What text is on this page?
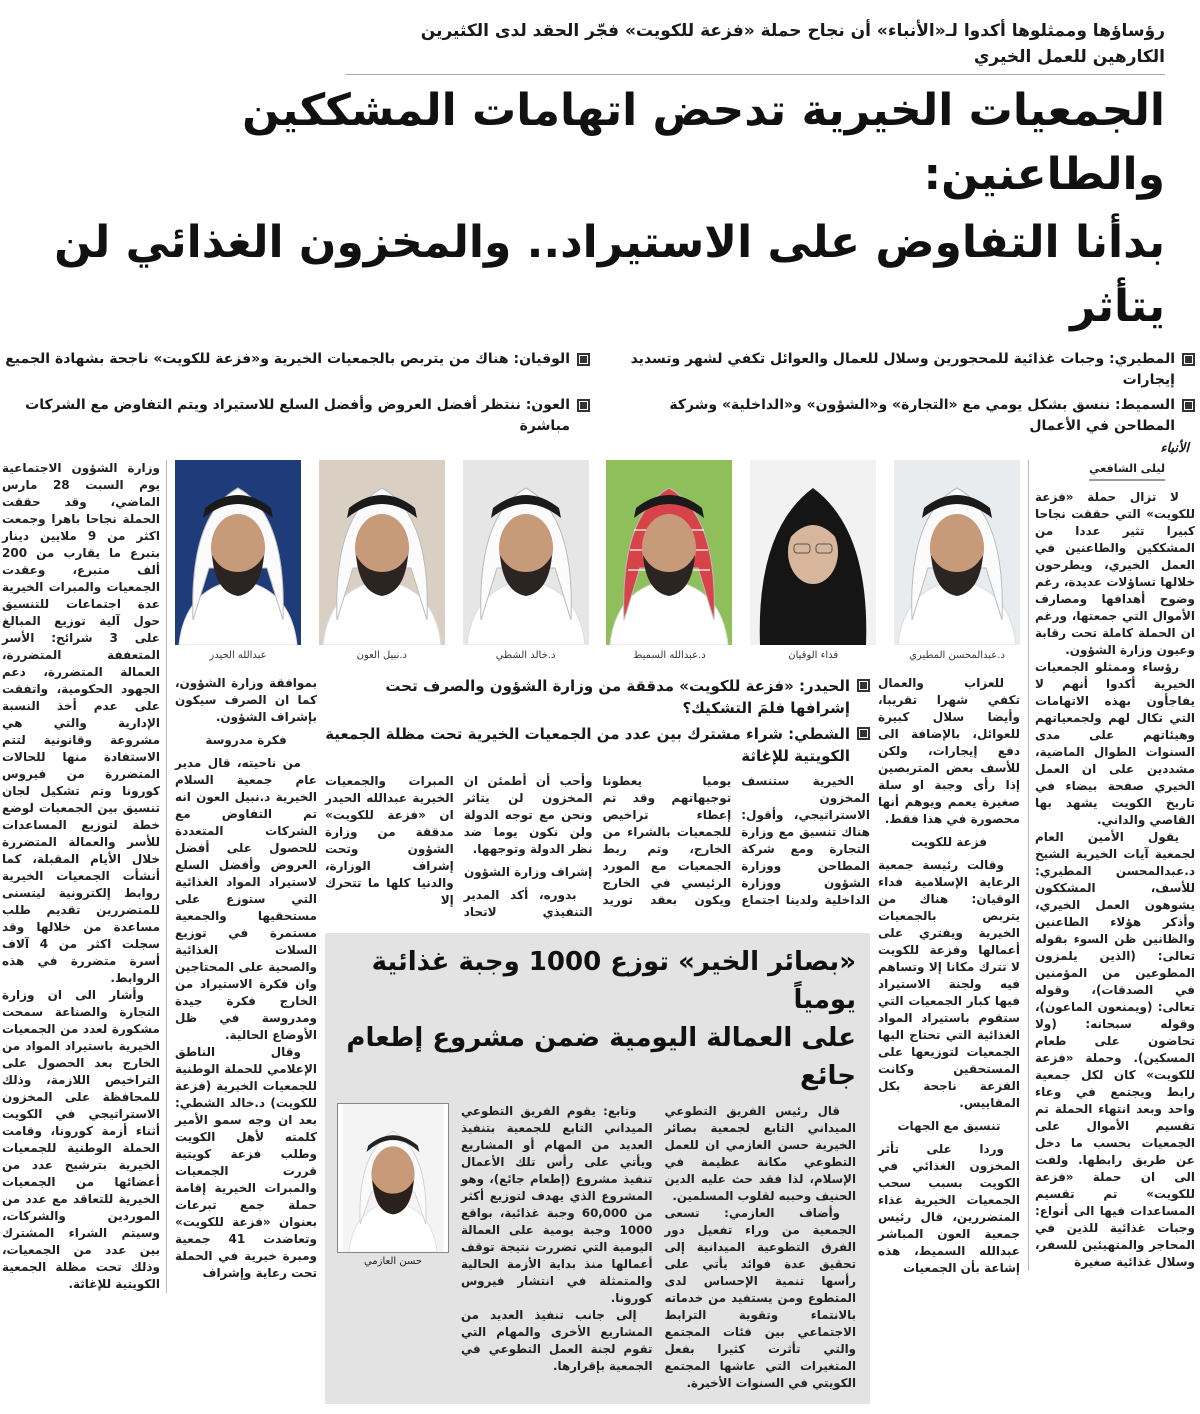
رؤساؤها وممثلوها أكدوا لـ«الأنباء» أن نجاح حملة «فزعة للكويت» فجّر الحقد لدى الكثيرين الكارهين للعمل الخيري
الجمعيات الخيرية تدحض اتهامات المشككين والطاعنين:
بدأنا التفاوض على الاستيراد.. والمخزون الغذائي لن يتأثر
المطيري: وجبات غذائية للمحجورين وسلال للعمال والعوائل تكفي لشهر وتسديد إيجارات
الوقيان: هناك من يتربص بالجمعيات الخيرية و«فزعة للكويت» ناجحة بشهادة الجميع
السميط: ننسق بشكل يومي مع «التجارة» و«الشؤون» و«الداخلية» وشركة المطاحن في الأعمال
العون: ننتظر أفضل العروض وأفضل السلع للاستيراد ويتم التفاوض مع الشركات مباشرة
الأنباء
ليلى الشافعي

لا تزال حملة «فزعة للكويت» التي حققت نجاحا كبيرا تثير عددا من المشككين والطاعنين في العمل الخيري، ويطرحون خلالها تساؤلات عديدة، رغم وضوح أهدافها ومصارف الأموال التي جمعتها، ورغم ان الحملة كاملة تحت رقابة وعيون وزارة الشؤون.

رؤساء وممثلو الجمعيات الخيرية أكدوا أنهم لا يفاجأون بهذه الاتهامات التي تكال لهم ولجمعياتهم وهيئاتهم على مدى السنوات الطوال الماضية، مشددين على ان العمل الخيري صفحة بيضاء في تاريخ الكويت يشهد بها القاصي والداني.

يقول الأمين العام لجمعية آيات الخيرية الشيخ د.عبدالمحسن المطيري: للأسف، المشككون يشوهون العمل الخيري، وأذكر هؤلاء الطاعنين والظانين ظن السوء بقوله تعالى: (الذين يلمزون المطوعين من المؤمنين في الصدقات)، وقوله تعالى: (ويمنعون الماعون)، وقوله سبحانه: (ولا تحاضون على طعام المسكين). وحملة «فزعة للكويت» كان لكل جمعية رابط ويجتمع في وعاء واحد وبعد انتهاء الحملة تم تقسيم الأموال على الجمعيات بحسب ما دخل عن طريق رابطها. ولفت الى ان حملة «فزعة للكويت» تم تقسيم المساعدات فيها الى أنواع: وجبات غذائية للذين في المحاجر والمتهيئين للسفر، وسلال غذائية صغيرة

د.عبدالمحسن المطيري
فداء الوقيان
د.عبدالله السميط
د.خالد الشطي
د.نبيل العون
عبدالله الحيدر

للعزاب والعمال تكفي شهرا تقريبا، وأيضا سلال كبيرة للعوائل، بالإضافة الى دفع إيجارات، ولكن للأسف بعض المتربصين إذا رأى وجبة او سلة صغيرة يعمم ويوهم أنها محصورة في هذا فقط.

فزعة للكويت

وقالت رئيسة جمعية الرعاية الإسلامية فداء الوقيان: هناك من يتربص بالجمعيات الخيرية ويفتري على أعمالها وفزعة للكويت لا تترك مكانا إلا وتساهم فيه ولجنة الاستيراد فيها كبار الجمعيات التي ستقوم باستيراد المواد الغذائية التي تحتاج اليها الجمعيات لتوزيعها على المستحقين وكانت الفزعة ناجحة بكل المقاييس.

تنسيق مع الجهات

وردا على تأثر المخزون الغذائي في الكويت بسبب سحب الجمعيات الخيرية غذاء المتضررين، قال رئيس جمعية العون المباشر عبدالله السميط، هذه إشاعة بأن الجمعيات

الحيدر: «فزعة للكويت» مدققة من وزارة الشؤون والصرف تحت إشرافها فلمَ التشكيك؟
الشطي: شراء مشترك بين عدد من الجمعيات الخيرية تحت مظلة الجمعية الكويتية للإغاثة

الخيرية ستنسف المخزون الاستراتيجي، وأقول: هناك تنسيق مع وزارة التجارة ومع شركة المطاحن ووزارة الشؤون ووزارة الداخلية ولدينا اجتماع يوميا يعطونا توجيهاتهم وقد تم إعطاء تراخيص للجمعيات بالشراء من الخارج، وتم ربط الجمعيات مع المورد الرئيسي في الخارج ويكون بعقد توريد وأحب أن أطمئن ان المخزون لن يتاثر ونحن مع توجه الدولة ولن نكون يوما ضد نظر الدولة وتوجهها.

إشراف وزارة الشؤون

بدوره، أكد المدير التنفيذي لاتحاد المبرات والجمعيات الخيرية عبدالله الحيدر ان «فزعة للكويت» مدققة من وزارة الشؤون وتحت إشراف الوزارة، والدنيا كلها ما تتحرك إلا

«بصائر الخير» توزع 1000 وجبة غذائية يومياً
على العمالة اليومية ضمن مشروع إطعام جائع

قال رئيس الفريق التطوعي الميداني التابع لجمعية بصائر الخيرية حسن العازمي ان للعمل التطوعي مكانة عظيمة في الإسلام، لذا فقد حث عليه الدين الحنيف وحببه لقلوب المسلمين.

وأضاف العازمي: تسعى الجمعية من وراء تفعيل دور الفرق التطوعية الميدانية إلى تحقيق عدة فوائد يأتي على رأسها تنمية الإحساس لدى المتطوع ومن يستفيد من خدماته بالانتماء وتقوية الترابط الاجتماعي بين فئات المجتمع والتي تأثرت كثيرا بفعل المتغيرات التي عاشها المجتمع الكويتي في السنوات الأخيرة.

وتابع: يقوم الفريق التطوعي الميداني التابع للجمعية بتنفيذ العديد من المهام أو المشاريع ويأتي على رأس تلك الأعمال تنفيذ مشروع (إطعام جائع)، وهو المشروع الذي يهدف لتوزيع أكثر من 60,000 وجبة غذائية، بواقع 1000 وجبة يومية على العمالة اليومية التي تضررت نتيجة توقف أعمالها منذ بداية الأزمة الحالية والمتمثلة في انتشار فيروس كورونا.

إلى جانب تنفيذ العديد من المشاريع الأخرى والمهام التي تقوم لجنة العمل التطوعي في الجمعية بإقرارها.

حسن العازمي

بموافقة وزارة الشؤون، كما ان الصرف سيكون بإشراف الشؤون.

فكرة مدروسة

من ناحيته، قال مدير عام جمعية السلام الخيرية د.نبيل العون انه تم التفاوض مع الشركات المتعددة للحصول على أفضل العروض وأفضل السلع لاستيراد المواد الغذائية التي ستوزع على مستحقيها والجمعية مستمرة في توزيع السلات الغذائية والصحية على المحتاجين وان فكرة الاستيراد من الخارج فكرة جيدة ومدروسة في ظل الأوضاع الحالية.

وقال الناطق الإعلامي للحملة الوطنية للجمعيات الخيرية (فزعة للكويت) د.خالد الشطي: بعد ان وجه سمو الأمير كلمته لأهل الكويت وطلب فزعة كويتية قررت الجمعيات والمبرات الخيرية إقامة حملة جمع تبرعات بعنوان «فزعة للكويت» وتعاضدت 41 جمعية ومبرة خيرية في الحملة تحت رعاية وإشراف

وزارة الشؤون الاجتماعية يوم السبت 28 مارس الماضي، وقد حققت الحملة نجاحا باهرا وجمعت اكثر من 9 ملايين دينار بتبرع ما يقارب من 200 ألف متبرع، وعقدت الجمعيات والمبرات الخيرية عدة اجتماعات للتنسيق حول آلية توزيع المبالغ على 3 شرائح: الأسر المتعففة المتضررة، العمالة المتضررة، دعم الجهود الحكومية، واتفقت على عدم أخذ النسبة الإدارية والتي هي مشروعة وقانونية لتتم الاستفادة منها للحالات المتضررة من فيروس كورونا وتم تشكيل لجان تنسيق بين الجمعيات لوضع خطة لتوزيع المساعدات للأسر والعمالة المتضررة خلال الأيام المقبلة، كما أنشأت الجمعيات الخيرية روابط إلكترونية ليتسنى للمتضررين تقديم طلب مساعدة من خلالها وقد سجلت اكثر من 4 آلاف أسرة متضررة في هذه الروابط.

وأشار الى ان وزارة التجارة والصناعة سمحت مشكورة لعدد من الجمعيات الخيرية باستيراد المواد من الخارج بعد الحصول على التراخيص اللازمة، وذلك للمحافظة على المخزون الاستراتيجي في الكويت أثناء أزمة كورونا، وقامت الحملة الوطنية للجمعيات الخيرية بترشيح عدد من أعضائها من الجمعيات الخيرية للتعاقد مع عدد من الموردين والشركات، وسيتم الشراء المشترك بين عدد من الجمعيات، وذلك تحت مظلة الجمعية الكويتية للإغاثة.
